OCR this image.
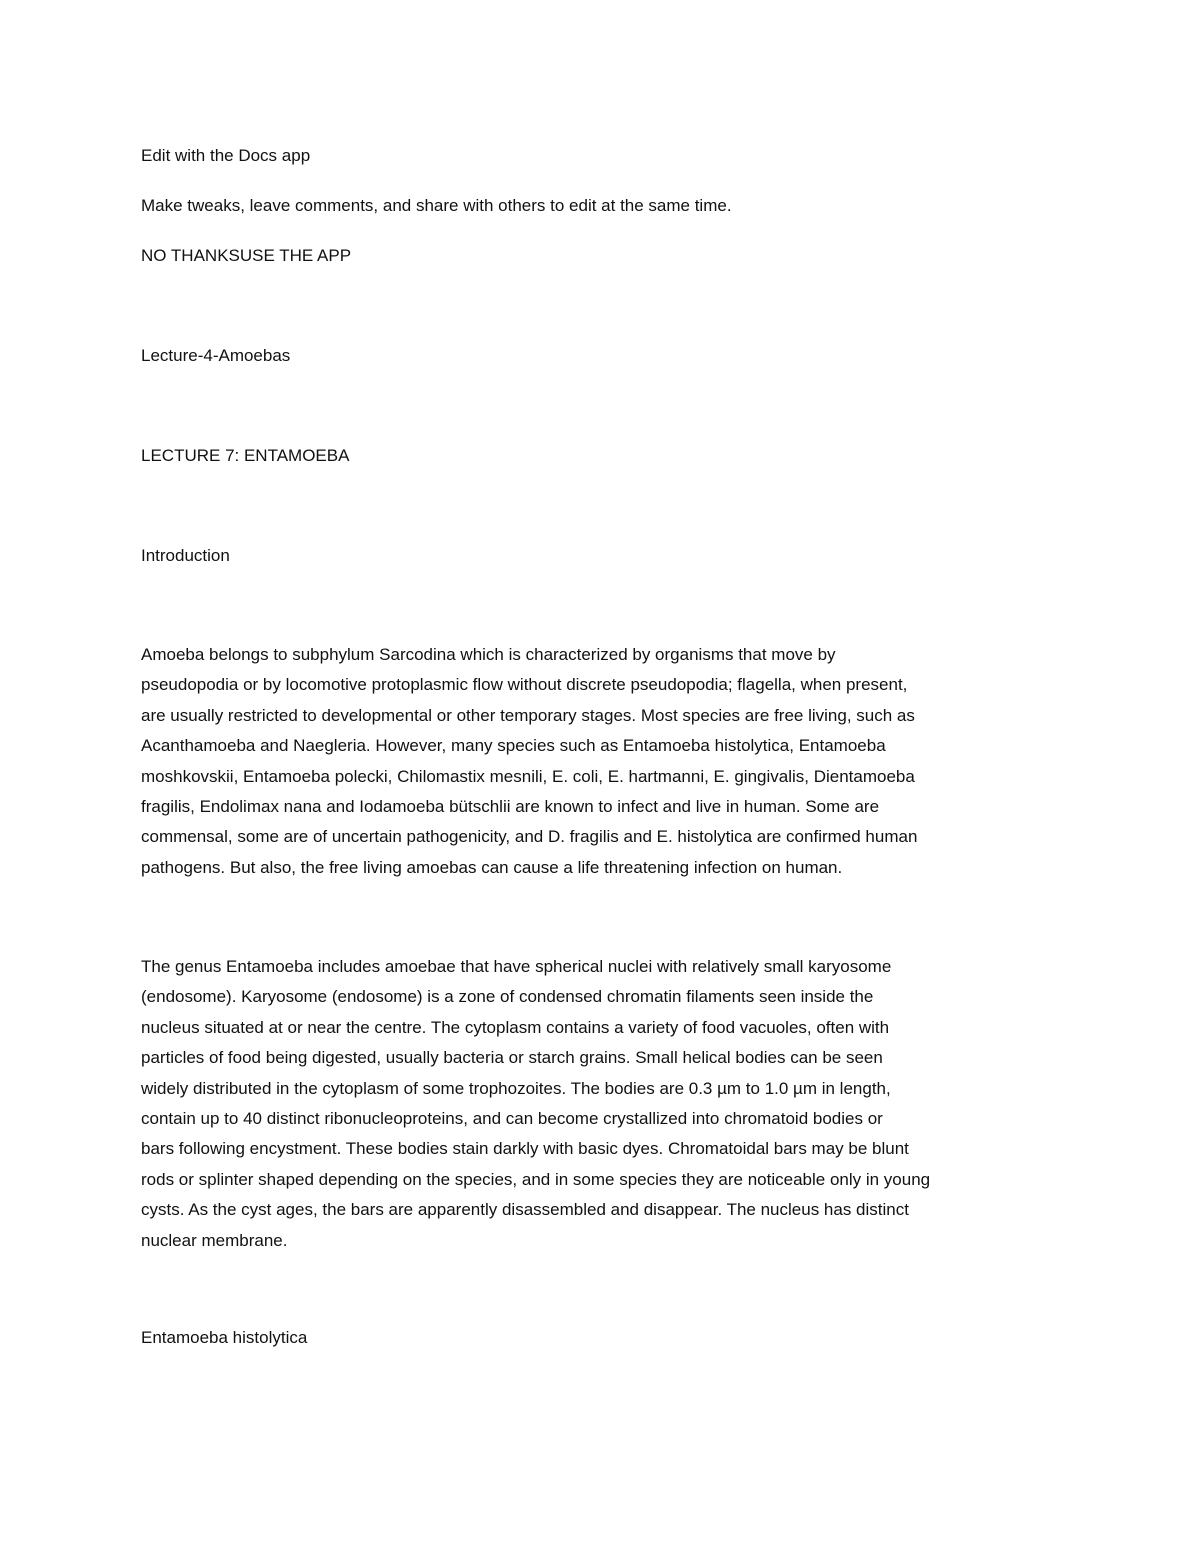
Edit with the Docs app

Make tweaks, leave comments, and share with others to edit at the same time.

NO THANKSUSE THE APP

Lecture-4-Amoebas

LECTURE 7: ENTAMOEBA

Introduction

Amoeba belongs to subphylum Sarcodina which is characterized by organisms that move by
pseudopodia or by locomotive protoplasmic flow without discrete pseudopodia; flagella, when present,
are usually restricted to developmental or other temporary stages. Most species are free living, such as
Acanthamoeba and Naegleria. However, many species such as Entamoeba histolytica, Entamoeba
moshkovskii, Entamoeba polecki, Chilomastix mesnili, E. coli, E. hartmanni, E. gingivalis, Dientamoeba
fragilis, Endolimax nana and Iodamoeba bütschlii are known to infect and live in human. Some are
commensal, some are of uncertain pathogenicity, and D. fragilis and E. histolytica are confirmed human
pathogens. But also, the free living amoebas can cause a life threatening infection on human.
The genus Entamoeba includes amoebae that have spherical nuclei with relatively small karyosome
(endosome). Karyosome (endosome) is a zone of condensed chromatin filaments seen inside the
nucleus situated at or near the centre. The cytoplasm contains a variety of food vacuoles, often with
particles of food being digested, usually bacteria or starch grains. Small helical bodies can be seen
widely distributed in the cytoplasm of some trophozoites. The bodies are 0.3 µm to 1.0 µm in length,
contain up to 40 distinct ribonucleoproteins, and can become crystallized into chromatoid bodies or
bars following encystment. These bodies stain darkly with basic dyes. Chromatoidal bars may be blunt
rods or splinter shaped depending on the species, and in some species they are noticeable only in young
cysts. As the cyst ages, the bars are apparently disassembled and disappear. The nucleus has distinct
nuclear membrane.

Entamoeba histolytica
